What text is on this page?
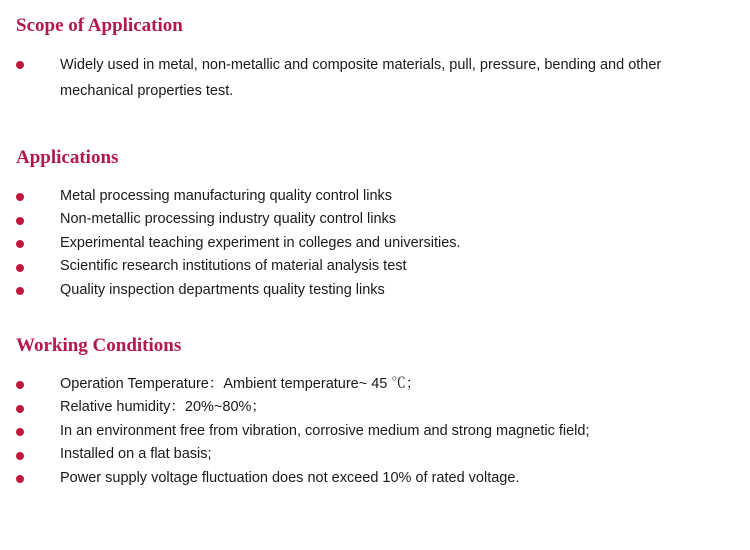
Scope of Application
Widely used in metal, non-metallic and composite materials, pull, pressure, bending and other mechanical properties test.
Applications
Metal processing manufacturing quality control links
Non-metallic processing industry quality control links
Experimental teaching experiment in colleges and universities.
Scientific research institutions of material analysis test
Quality inspection departments quality testing links
Working Conditions
Operation Temperature：Ambient temperature~ 45 ℃；
Relative humidity：20%~80%；
In an environment free from vibration, corrosive medium and strong magnetic field;
Installed on a flat basis;
Power supply voltage fluctuation does not exceed 10% of rated voltage.
